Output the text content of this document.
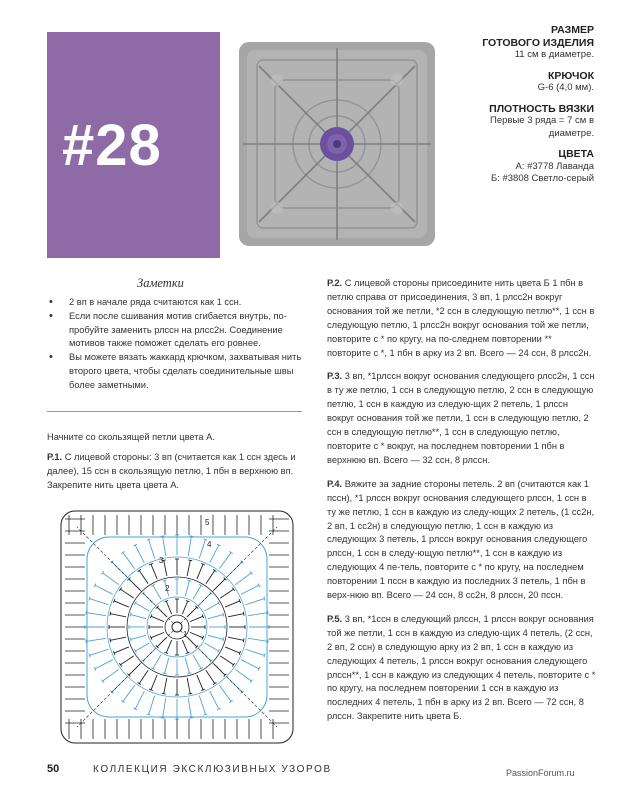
#28
РАЗМЕР
ГОТОВОГО ИЗДЕЛИЯ
11 см в диаметре.
КРЮЧОК
G-6 (4,0 мм).
ПЛОТНОСТЬ ВЯЗКИ
Первые 3 ряда = 7 см в
диаметре.
ЦВЕТА
А: #3778 Лаванда
Б: #3808 Светло-серый
Заметки
• 2 вп в начале ряда считаются как 1 ссн.
• Если после сшивания мотив сгибается внутрь, по-пробуйте заменить рлссн на рлсс2н. Соединение мотивов также поможет сделать его ровнее.
• Вы можете вязать жаккард крючком, захватывая нить второго цвета, чтобы сделать соединительные швы более заметными.
Начните со скользящей петли цвета А.
Р.1. С лицевой стороны: 3 вп (считается как 1 ссн здесь и далее), 15 ссн в скользящую петлю, 1 пбн в верхнюю вп. Закрепите нить цвета цвета А.

Р.2. С лицевой стороны присоедините нить цвета Б 1 пбн в петлю справа от присоединения, 3 вп, 1 рлсс2н вокруг основания той же петли, *2 ссн в следующую петлю**, 1 ссн в следующую петлю, 1 рлсс2н вокруг основания той же петли, повторите с * по кругу, на по-следнем повторении ** повторите с *, 1 пбн в арку из 2 вп. Всего — 24 ссн, 8 рлсс2н.

Р.3. 3 вп, *1рлссн вокруг основания следующего рлсс2н, 1 ссн в ту же петлю, 1 ссн в следующую петлю, 2 ссн в следующую петлю, 1 ссн в каждую из следую-щих 2 петель, 1 рлссн вокруг основания той же петли, 1 ссн в следующую петлю, 2 ссн в следующую петлю**, 1 ссн в следующую петлю, повторите с * вокруг, на последнем повторении 1 пбн в верхнюю вп. Всего — 32 ссн, 8 рлссн.

Р.4. Вяжите за задние стороны петель. 2 вп (считаются как 1 пссн), *1 рлссн вокруг основания следующего рлссн, 1 ссн в ту же петлю, 1 ссн в каждую из следу-ющих 2 петель, (1 сс2н, 2 вп, 1 сс2н) в следующую петлю, 1 ссн в каждую из следующих 3 петель, 1 рлссн вокруг основания следующего рлссн, 1 ссн в следу-ющую петлю**, 1 ссн в каждую из следующих 4 пе-тель, повторите с * по кругу, на последнем повторении 1 пссн в каждую из последних 3 петель, 1 пбн в верх-нюю вп. Всего — 24 ссн, 8 сс2н, 8 рлссн, 20 пссн.

Р.5. 3 вп, *1ссн в следующий рлссн, 1 рлссн вокруг основания той же петли, 1 ссн в каждую из следую-щих 4 петель, (2 ссн, 2 вп, 2 ссн) в следующую арку из 2 вп, 1 ссн в каждую из следующих 4 петель, 1 рлссн вокруг основания следующего рлссн**, 1 ссн в каждую из следующих 4 петель, повторите с * по кругу, на последнем повторении 1 ссн в каждую из последних 4 петель, 1 пбн в арку из 2 вп. Всего — 72 ссн, 8 рлссн. Закрепите нить цвета Б.

1
2
3
4
5
50	КОЛЛЕКЦИЯ ЭКСКЛЮЗИВНЫХ УЗОРОВ	PassionForum.ru
